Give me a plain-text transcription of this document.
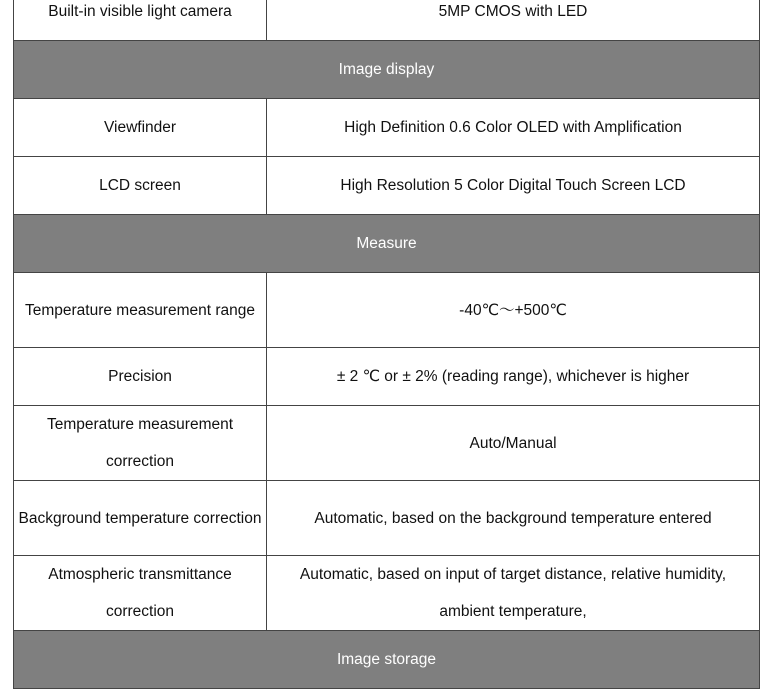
Built-in visible light camera	5MP CMOS with LED
Image display	
Viewfinder	High Definition 0.6 Color OLED with Amplification
LCD screen	High Resolution 5 Color Digital Touch Screen LCD
Measure	
Temperature measurement range	-40℃～+500℃
Precision	± 2 ℃ or ± 2% (reading range), whichever is higher
Temperature measurement correction	Auto/Manual
Background temperature correction	Automatic, based on the background temperature entered
Atmospheric transmittance correction	Automatic, based on input of target distance, relative humidity, ambient temperature,
Image storage	
